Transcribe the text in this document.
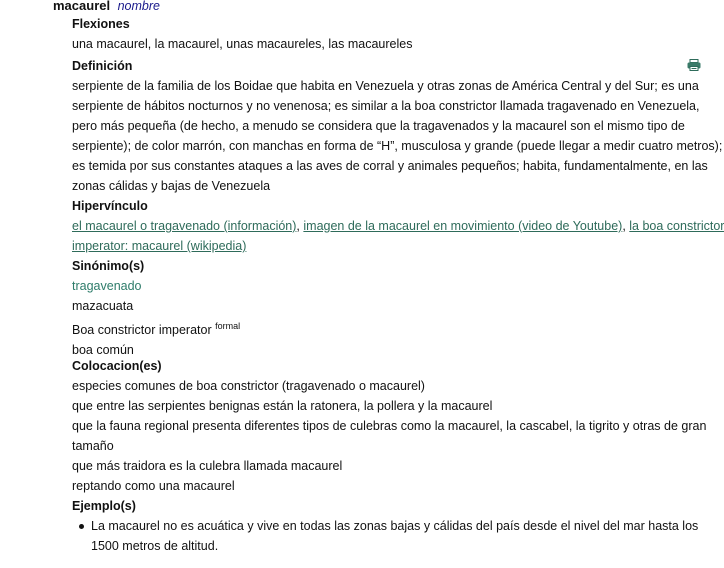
macaurel nombre
Flexiones
una macaurel, la macaurel, unas macaureles, las macaureles
Definición
serpiente de la familia de los Boidae que habita en Venezuela y otras zonas de América Central y del Sur; es una
serpiente de hábitos nocturnos y no venenosa; es similar a la boa constrictor llamada tragavenado en Venezuela,
pero más pequeña (de hecho, a menudo se considera que la tragavenados y la macaurel son el mismo tipo de
serpiente); de color marrón, con manchas en forma de “H”, musculosa y grande (puede llegar a medir cuatro metros);
es temida por sus constantes ataques a las aves de corral y animales pequeños; habita, fundamentalmente, en las
zonas cálidas y bajas de Venezuela
Hipervínculo
el macaurel o tragavenado (información), imagen de la macaurel en movimiento (video de Youtube), la boa constrictor
imperator: macaurel (wikipedia)
Sinónimo(s)
tragavenado
mazacuata
Boa constrictor imperator $^{formal}$
boa común
Colocacion(es)
especies comunes de boa constrictor (tragavenado o macaurel)
que entre las serpientes benignas están la ratonera, la pollera y la macaurel
que la fauna regional presenta diferentes tipos de culebras como la macaurel, la cascabel, la tigrito y otras de gran
tamaño
que más traidora es la culebra llamada macaurel
reptando como una macaurel
Ejemplo(s)
La macaurel no es acuática y vive en todas las zonas bajas y cálidas del país desde el nivel del mar hasta los 1500 metros de altitud.
